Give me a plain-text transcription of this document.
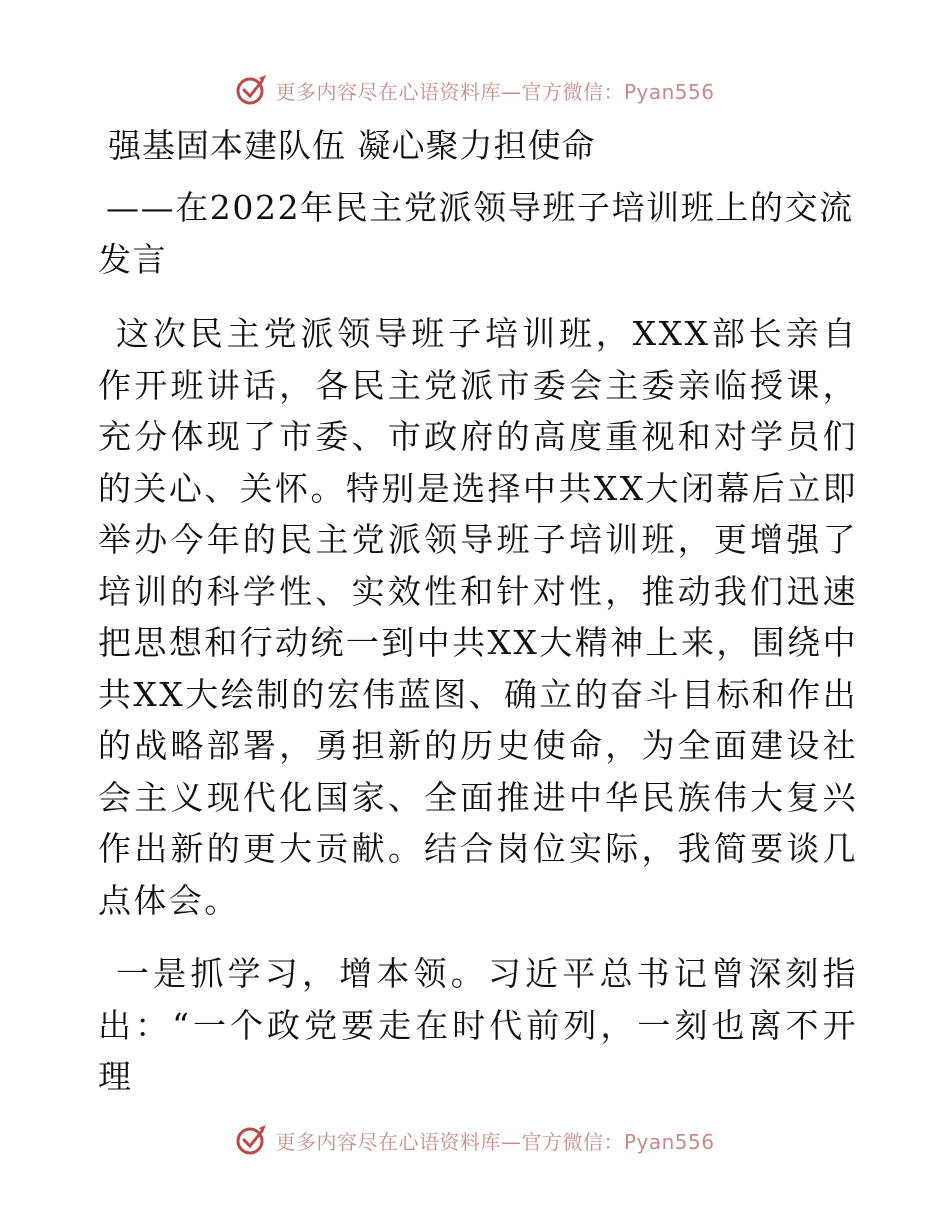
更多内容尽在心语资料库—官方微信：Pyan556
强基固本建队伍 凝心聚力担使命
——在2022年民主党派领导班子培训班上的交流发言

这次民主党派领导班子培训班，XXX部长亲自作开班讲话，各民主党派市委会主委亲临授课，充分体现了市委、市政府的高度重视和对学员们的关心、关怀。特别是选择中共XX大闭幕后立即举办今年的民主党派领导班子培训班，更增强了培训的科学性、实效性和针对性，推动我们迅速把思想和行动统一到中共XX大精神上来，围绕中共XX大绘制的宏伟蓝图、确立的奋斗目标和作出的战略部署，勇担新的历史使命，为全面建设社会主义现代化国家、全面推进中华民族伟大复兴作出新的更大贡献。结合岗位实际，我简要谈几点体会。

一是抓学习，增本领。习近平总书记曾深刻指出：“一个政党要走在时代前列，一刻也离不开理

更多内容尽在心语资料库—官方微信：Pyan556
